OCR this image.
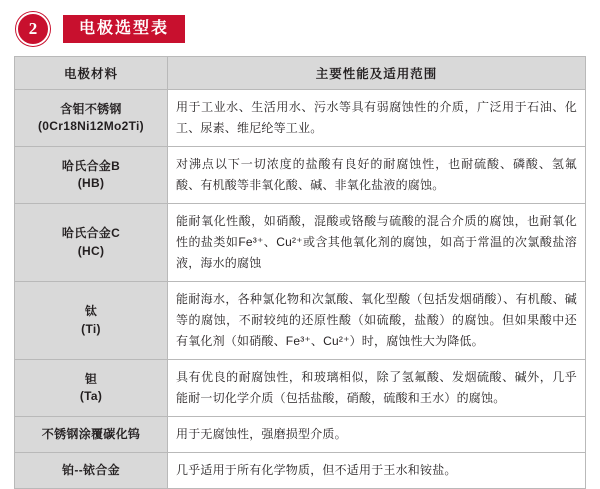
2	电极选型表
电极材料	主要性能及适用范围
含钼不锈钢
(0Cr18Ni12Mo2Ti)	用于工业水、生活用水、污水等具有弱腐蚀性的介质，广泛用于石油、化工、尿素、维尼纶等工业。
哈氏合金B
(HB)	对沸点以下一切浓度的盐酸有良好的耐腐蚀性，也耐硫酸、磷酸、氢氟酸、有机酸等非氧化酸、碱、非氧化盐液的腐蚀。
哈氏合金C
(HC)	能耐氧化性酸，如硝酸，混酸或铬酸与硫酸的混合介质的腐蚀，也耐氧化性的盐类如Fe³⁺、Cu²⁺或含其他氧化剂的腐蚀，如高于常温的次氯酸盐溶液，海水的腐蚀
钛
(Ti)	能耐海水，各种氯化物和次氯酸、氧化型酸（包括发烟硝酸）、有机酸、碱等的腐蚀，不耐较纯的还原性酸（如硫酸，盐酸）的腐蚀。但如果酸中还有氧化剂（如硝酸、Fe³⁺、Cu²⁺）时，腐蚀性大为降低。
钽
(Ta)	具有优良的耐腐蚀性，和玻璃相似，除了氢氟酸、发烟硫酸、碱外，几乎能耐一切化学介质（包括盐酸，硝酸，硫酸和王水）的腐蚀。
不锈钢涂覆碳化钨	用于无腐蚀性，强磨损型介质。
铂--铱合金	几乎适用于所有化学物质，但不适用于王水和铵盐。
